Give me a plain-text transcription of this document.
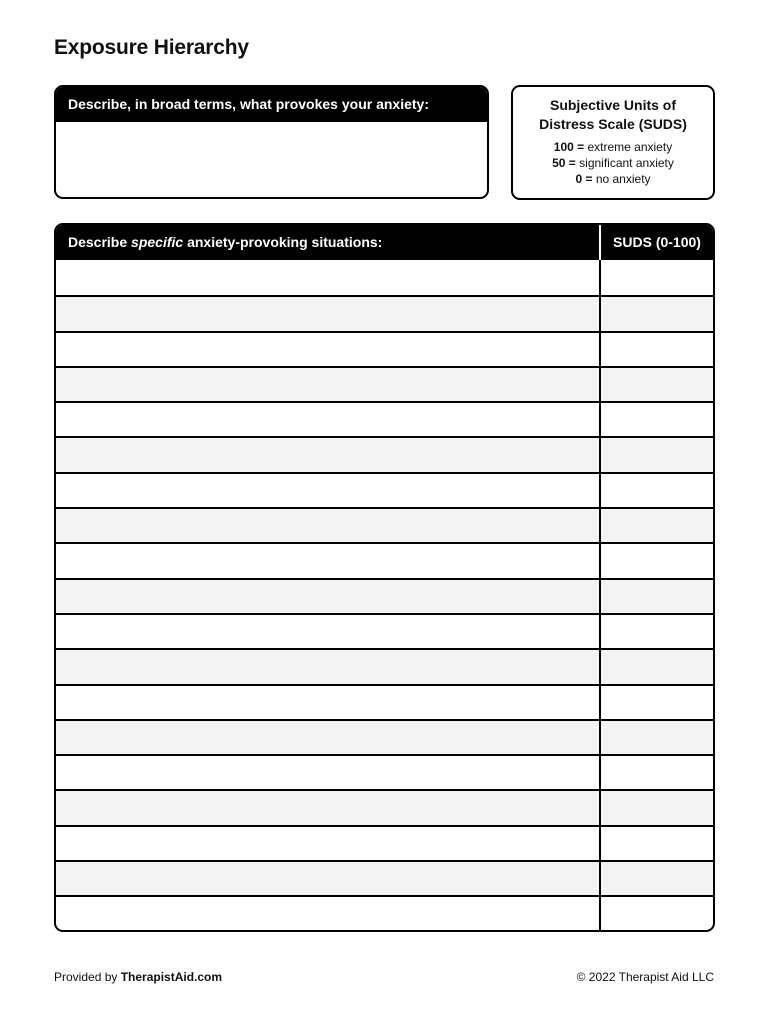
Exposure Hierarchy
Describe, in broad terms, what provokes your anxiety:	Subjective Units of
Distress Scale (SUDS)
100 = extreme anxiety
50 = significant anxiety
0 = no anxiety
Describe specific anxiety-provoking situations:	SUDS (0-100)
Provided by TherapistAid.com	© 2022 Therapist Aid LLC
